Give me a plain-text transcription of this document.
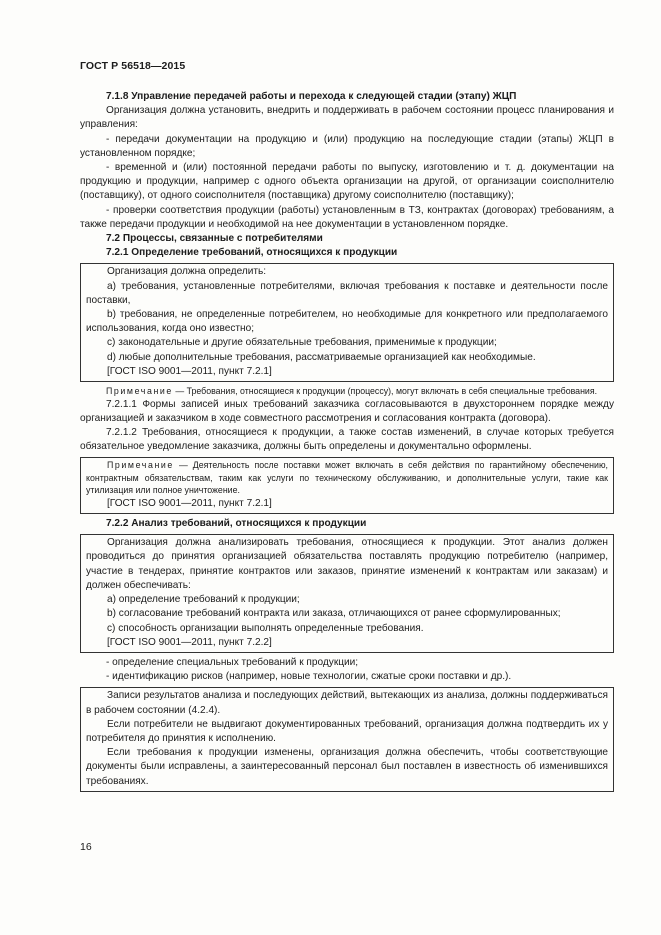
ГОСТ Р 56518—2015

7.1.8 Управление передачей работы и перехода к следующей стадии (этапу) ЖЦП

Организация должна установить, внедрить и поддерживать в рабочем состоянии процесс планирования и управления:

- передачи документации на продукцию и (или) продукцию на последующие стадии (этапы) ЖЦП в установленном порядке;

- временной и (или) постоянной передачи работы по выпуску, изготовлению и т. д. документации на продукцию и продукции, например с одного объекта организации на другой, от организации соисполнителю (поставщику), от одного соисполнителя (поставщика) другому соисполнителю (поставщику);

- проверки соответствия продукции (работы) установленным в ТЗ, контрактах (договорах) требованиям, а также передачи продукции и необходимой на нее документации в установленном порядке.

7.2 Процессы, связанные с потребителями

7.2.1 Определение требований, относящихся к продукции

Организация должна определить:

a) требования, установленные потребителями, включая требования к поставке и деятельности после поставки,

b) требования, не определенные потребителем, но необходимые для конкретного или предполагаемого использования, когда оно известно;

c) законодательные и другие обязательные требования, применимые к продукции;

d) любые дополнительные требования, рассматриваемые организацией как необходимые.

[ГОСТ ISO 9001—2011, пункт 7.2.1]

Примечание — Требования, относящиеся к продукции (процессу), могут включать в себя специальные требования.

7.2.1.1 Формы записей иных требований заказчика согласовываются в двухстороннем порядке между организацией и заказчиком в ходе совместного рассмотрения и согласования контракта (договора).

7.2.1.2 Требования, относящиеся к продукции, а также состав изменений, в случае которых требуется обязательное уведомление заказчика, должны быть определены и документально оформлены.

Примечание — Деятельность после поставки может включать в себя действия по гарантийному обеспечению, контрактным обязательствам, таким как услуги по техническому обслуживанию, и дополнительные услуги, такие как утилизация или полное уничтожение.

[ГОСТ ISO 9001—2011, пункт 7.2.1]

7.2.2 Анализ требований, относящихся к продукции

Организация должна анализировать требования, относящиеся к продукции. Этот анализ должен проводиться до принятия организацией обязательства поставлять продукцию потребителю (например, участие в тендерах, принятие контрактов или заказов, принятие изменений к контрактам или заказам) и должен обеспечивать:

a) определение требований к продукции;

b) согласование требований контракта или заказа, отличающихся от ранее сформулированных;

c) способность организации выполнять определенные требования.

[ГОСТ ISO 9001—2011, пункт 7.2.2]

- определение специальных требований к продукции;

- идентификацию рисков (например, новые технологии, сжатые сроки поставки и др.).

Записи результатов анализа и последующих действий, вытекающих из анализа, должны поддерживаться в рабочем состоянии (4.2.4).

Если потребители не выдвигают документированных требований, организация должна подтвердить их у потребителя до принятия к исполнению.

Если требования к продукции изменены, организация должна обеспечить, чтобы соответствующие документы были исправлены, а заинтересованный персонал был поставлен в известность об изменившихся требованиях.

16
